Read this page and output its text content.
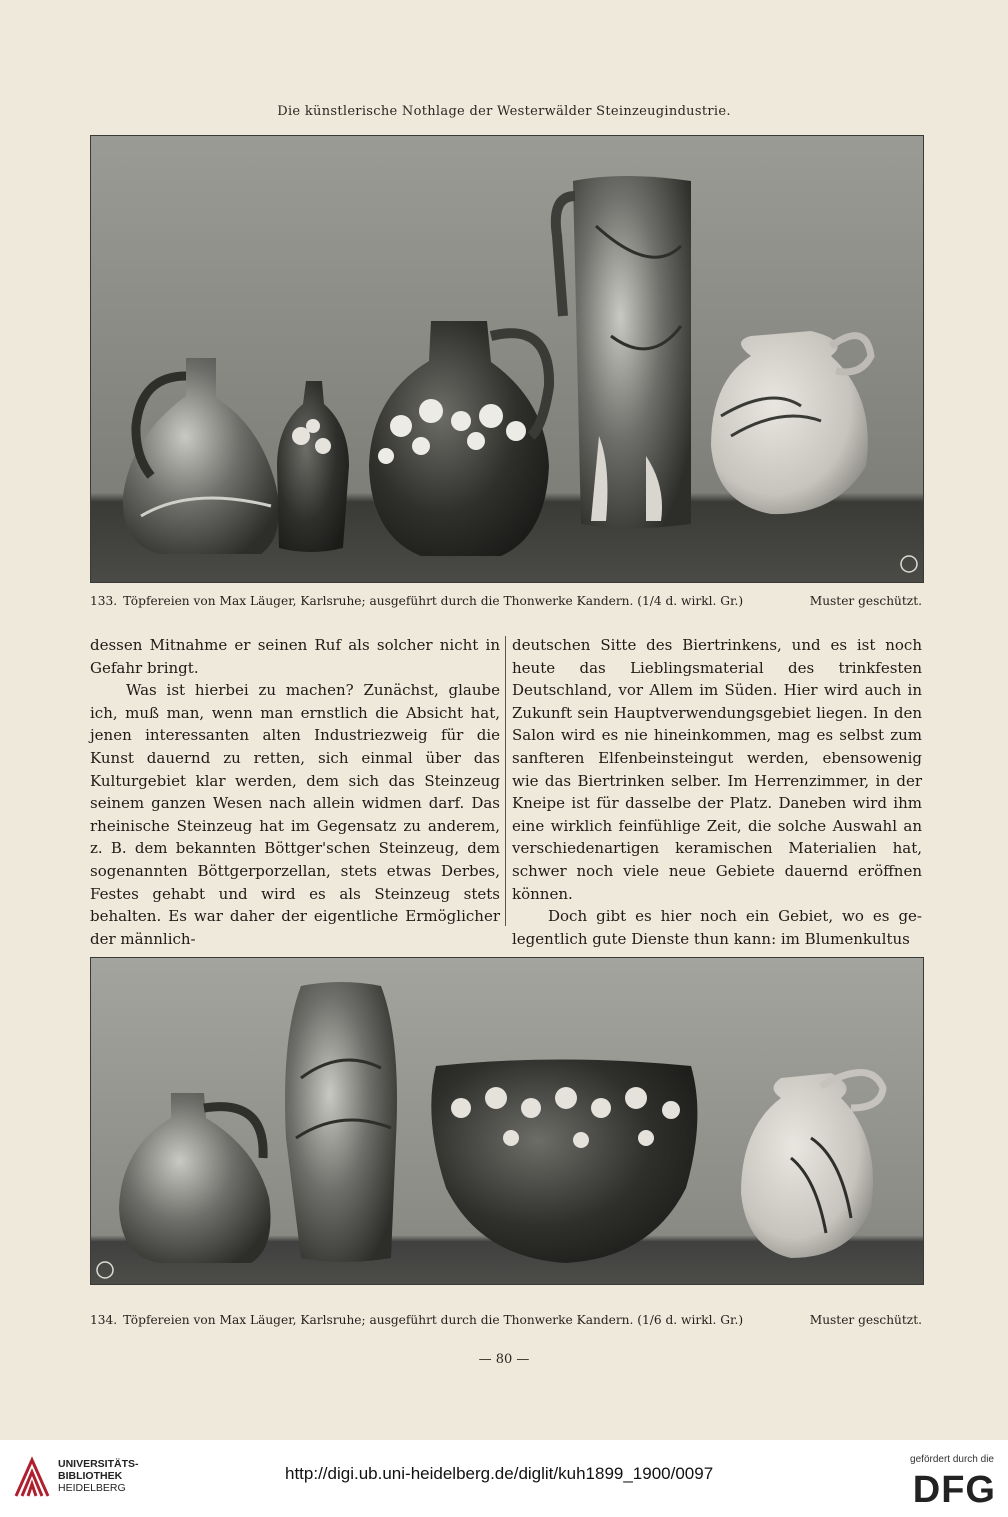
Die künstlerische Nothlage der Westerwälder Steinzeugindustrie.
133. Töpfereien von Max Läuger, Karlsruhe; ausgeführt durch die Thonwerke Kandern. (1/4 d. wirkl. Gr.)	Muster geschützt.

dessen Mitnahme er seinen Ruf als solcher nicht in Gefahr bringt.

Was ist hierbei zu machen? Zunächst, glaube ich, muß man, wenn man ernstlich die Absicht hat, jenen interessanten alten Industriezweig für die Kunst dauernd zu retten, sich einmal über das Kulturgebiet klar werden, dem sich das Steinzeug seinem ganzen Wesen nach allein widmen darf. Das rheinische Steinzeug hat im Gegensatz zu anderem, z. B. dem bekannten Böttger'schen Steinzeug, dem sogenannten Böttgerporzellan, stets etwas Derbes, Festes gehabt und wird es als Steinzeug stets behalten. Es war daher der eigentliche Ermöglicher der männlich-

deutschen Sitte des Biertrinkens, und es ist noch heute das Lieblingsmaterial des trinkfesten Deutschland, vor Allem im Süden. Hier wird auch in Zukunft sein Hauptverwendungsgebiet liegen. In den Salon wird es nie hineinkommen, mag es selbst zum sanfteren Elfenbeinsteingut werden, ebensowenig wie das Biertrinken selber. Im Herrenzimmer, in der Kneipe ist für dasselbe der Platz. Daneben wird ihm eine wirklich feinfühlige Zeit, die solche Auswahl an verschiedenartigen keramischen Materialien hat, schwer noch viele neue Gebiete dauernd eröffnen können.

Doch gibt es hier noch ein Gebiet, wo es ge-legentlich gute Dienste thun kann: im Blumenkultus

134. Töpfereien von Max Läuger, Karlsruhe; ausgeführt durch die Thonwerke Kandern. (1/6 d. wirkl. Gr.)	Muster geschützt.
— 80 —
UNIVERSITÄTS-
BIBLIOTHEK
HEIDELBERG
http://digi.ub.uni-heidelberg.de/diglit/kuh1899_1900/0097
gefördert durch die
DFG
